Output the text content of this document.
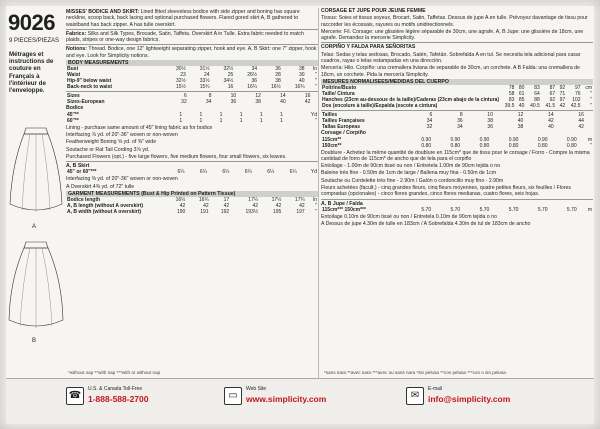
9026
9 PIECES/PIEZAS
Métrages et instructions de couture en Français à l'intérieur de l'enveloppe.
A
B
MISSES' BODICE AND SKIRT: Lined fitted sleeveless bodice with side zipper and boning has square neckline, scoop back, back lacing and optional purchased flowers. Flared gored skirt A, B gathered to waistband has back zipper. A has tulle overskirt.
Fabrics: Silks and Silk Types, Brocade, Satin, Taffeta. Overskirt A in Tulle. Extra fabric needed to match plaids, stripes or one-way design fabrics.
Notions: Thread. Bodice, one 12" lightweight separating zipper, hook and eye. A, B Skirt: one 7" zipper, hook and eye. Look for Simplicity notions.
BODY MEASUREMENTS
Bust	30½	31½	32½	34	36	38	In
Waist	23	24	25	26½	28	30	"
Hip-9" below waist	32½	33½	34½	36	38	40	"
Back-neck to waist	15½	15¾	16	16¼	16½	16¾	"
Sizes	6	8	10	12	14	16	
Sizes-European	32	34	36	38	40	42	
Bodice
45"**	1	1	1	1	1	1	Yd
60"**	1	1	1	1	1	1	"
Lining - purchase same amount of 45" lining fabric as for bodice
Interfacing ⅞ yd. of 20"-36" woven or non-woven
Featherweight Boning ⅝ yd. of ⅜" wide
Soutache or Rat Tail Cording 3⅞ yd.
Purchased Flowers (opt.) - five large flowers, five medium flowers, four small flowers, six leaves.
A, B Skirt
45" or 60"***	6¼	6¼	6¼	6¼	6¼	6¼	Yd
Interfacing ⅜ yd. of 20"-36" woven or non-woven
A Overskirt 4⅜ yd. of 72" tulle
GARMENT MEASUREMENTS (Bust & Hip Printed on Pattern Tissue)
Bodice length	16½	16¾	17	17¼	17½	17¾	In
A, B length (without A overskirt)	42	42	42	42	42	42	"
A, B width (without A overskirt)	190	191	192	193½	195	197	"
*without nap **with nap ***with or without nap
CORSAGE ET JUPE POUR JEUNE FEMME
Tissus: Soies et tissus soyeux, Brocart, Satin, Taffetas. Dessus de jupe A en tulle. Prévoyez davantage de tissu pour raccorder les écossais, rayures ou motifs unidirectionnels.
Mercerie: Fil. Corsage: une glissière légère séparable de 30cm, une agrafe. A, B Jupe: une glissière de 18cm, une agrafe. Demandez la mercerie Simplicity.
CORPIÑO Y FALDA PARA SEÑORITAS
Telas: Sedas y telas sedosas, Brocado, Satén, Tafetán. Sobrefalda A en tul. Se necesita tela adicional para casar cuadros, rayas o telas estampadas en una dirección.
Mercería: Hilo. Corpiño: una cremallera liviana de separable de 30cm, un corchete. A B Falda: una cremallera de 18cm, un corchete. Pida la mercería Simplicity.
MESURES NORMALISEES/MEDIDAS DEL CUERPO
Poitrine/Busto	78	80	83	87	92	97	cm
Taille/ Cintura	58	61	64	67	71	76	"
Hanches (23cm au-dessous de la taille)/Caderas (23cm abajo de la cintura)	83	85	88	92	97	102	"
Dos (encolure à taille)/Espalda (escote a cintura)	39.5	40	40.5	41.5	42	42.5	"
Tailles	6	8	10	12	14	16	
Tailles Françaises	34	36	38	40	42	44	
Tallas Europeas	32	34	36	38	40	42	
Corsage / Corpiño
115cm**	0.90	0.90	0.90	0.90	0.90	0.90	m
150cm**	0.80	0.80	0.80	0.80	0.80	0.80	"
Doublure - Achetez la même quantité de doublure en 115cm* que de tissu pour le corsage / Forro - Compre la misma cantidad de forro de 115cm* de ancho que de tela para el corpiño
Entoilage - 1.00m de 90cm tissé ou non / Entretela 1.00m de 90cm tejida o no
Baleine très fine - 0.50m de 1cm de large / Ballena muy fina - 0.50m de 1cm
Soutache ou Cordelette très fine - 2.90m / Galón o cordoncillo muy fino - 2.90m
Fleurs achetées (facult.) - cinq grandes fleurs, cinq fleurs moyennes, quatre petites fleurs, six feuilles / Flores compradas (opcionales) - cinco flores grandes, cinco flores medianas, cuatro flores, seis hojas.
A, B Jupe / Falda
115cm*** 150cm***	5.70	5.70	5.70	5.70	5.70	5.70	m
Entoilage 0.10m de 90cm tissé ou non / Entretela 0.10m de 90cm tejida o no
A Dessus de jupe 4.30m de tulle en 183cm / A Sobrefalda 4.30m de tul de 183cm de ancho
*sans nara **avec nara ***avec ou sans nara *sin pelusa **con pelusa ***con o sin pelusa
☎
U.S. & Canada Toll-Free
1-888-588-2700	▭
Web Site
www.simplicity.com	✉
E-mail
info@simplicity.com
